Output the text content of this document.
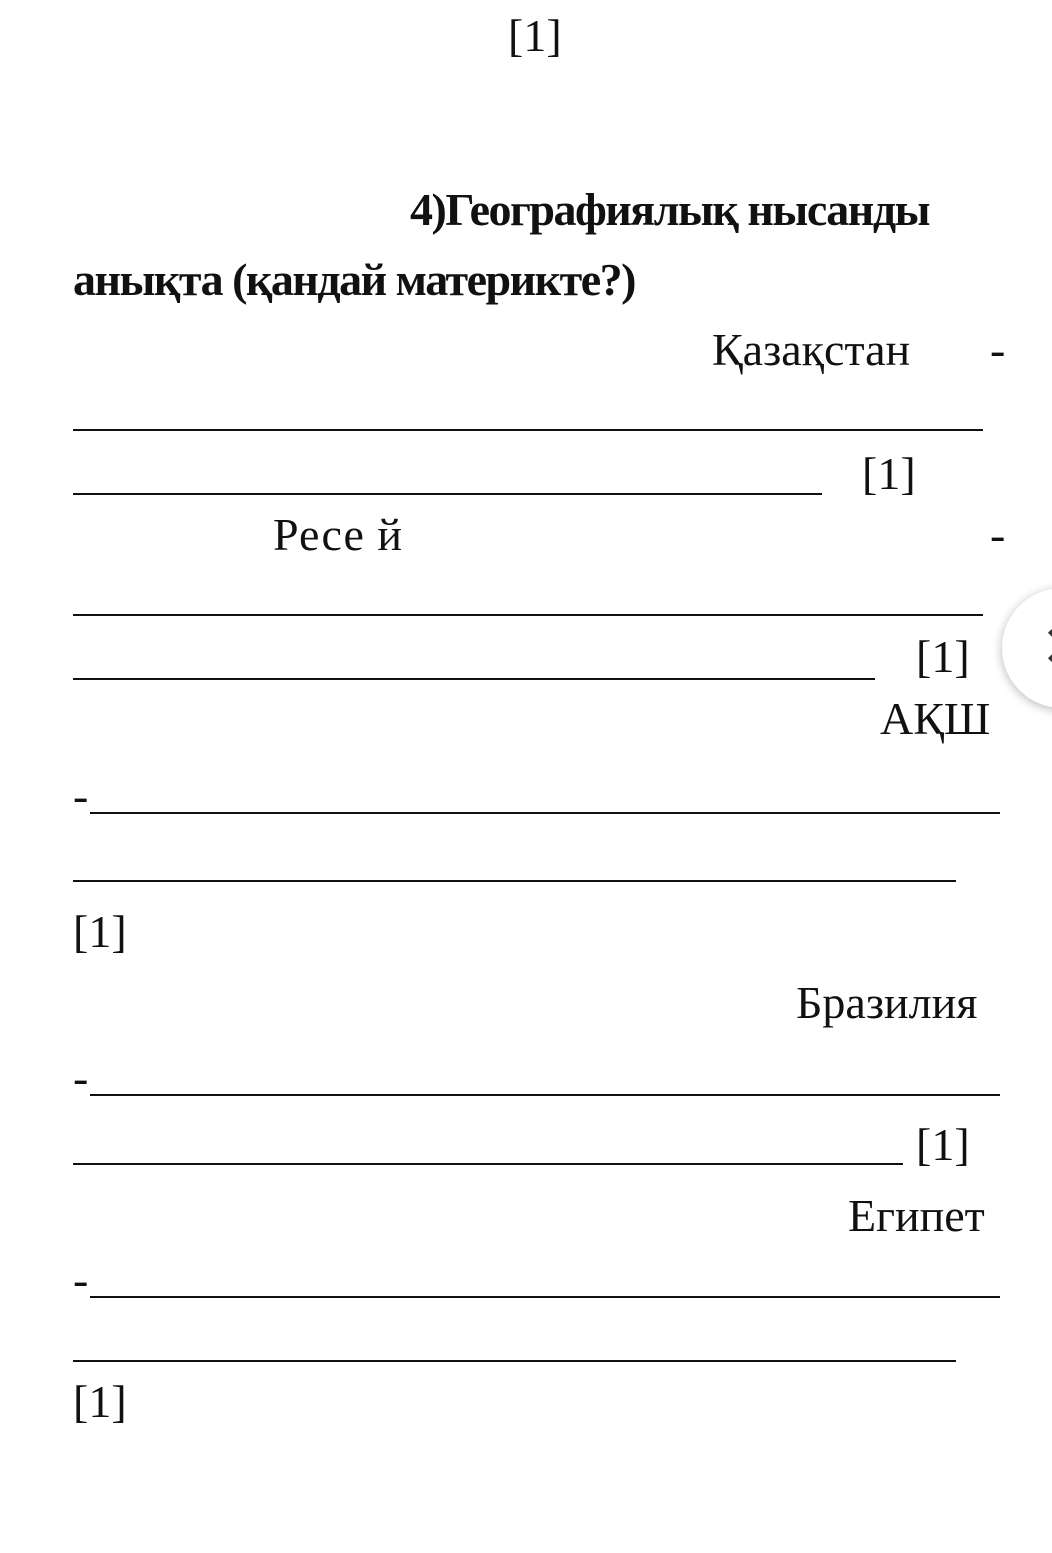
[1]
4)Географиялық нысанды
анықта (қандай материкте?)
Қазақстан -
[1]
Ресе й	-
[1]
АҚШ
-
[1]
Бразилия
-
[1]
Египет
-
[1]
